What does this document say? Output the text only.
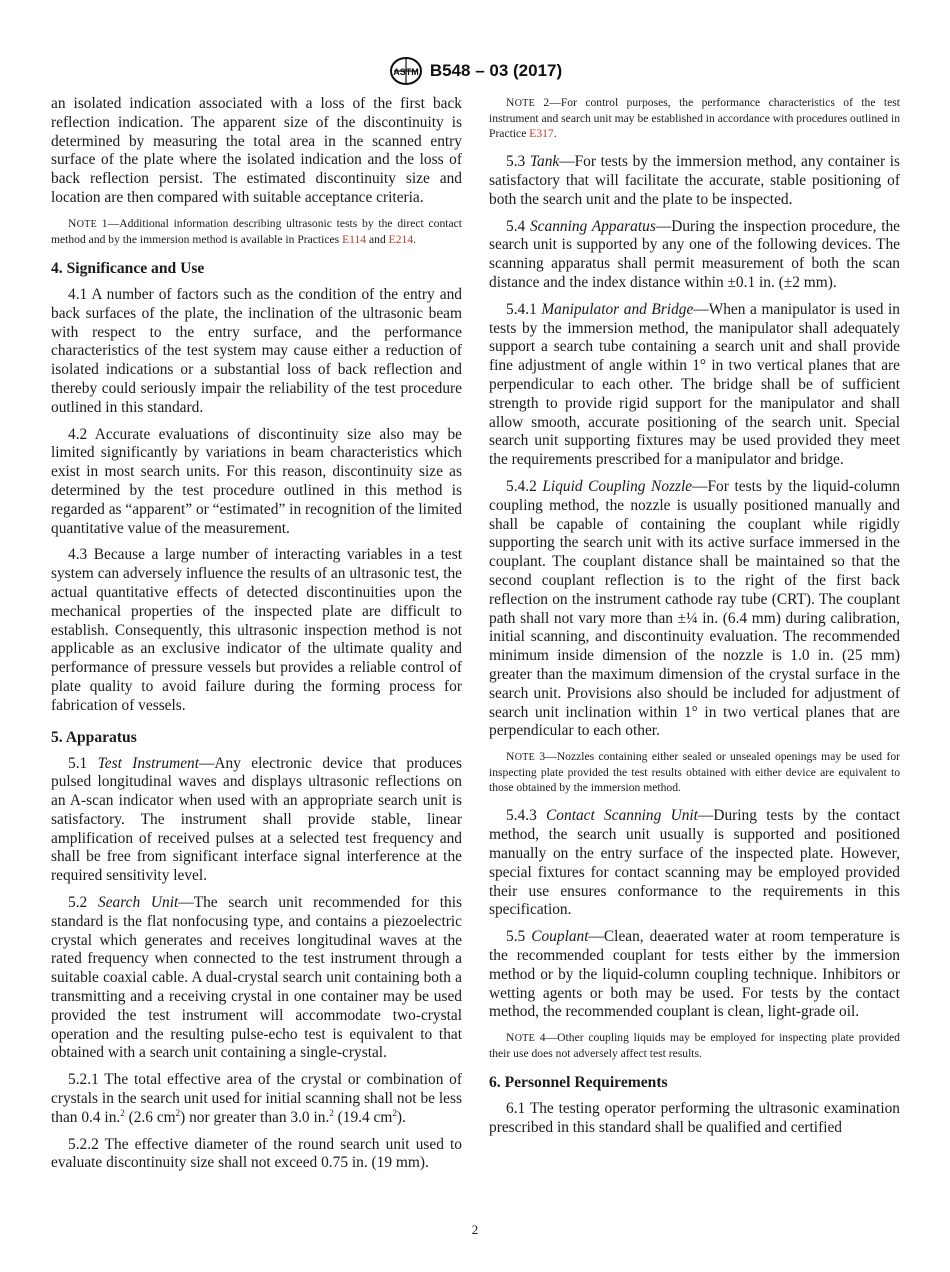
ASTM B548 – 03 (2017)

an isolated indication associated with a loss of the first back reflection indication. The apparent size of the discontinuity is determined by measuring the total area in the scanned entry surface of the plate where the isolated indication and the loss of back reflection persist. The estimated discontinuity size and location are then compared with suitable acceptance criteria.

NOTE 1—Additional information describing ultrasonic tests by the direct contact method and by the immersion method is available in Practices E114 and E214.

4. Significance and Use

4.1 A number of factors such as the condition of the entry and back surfaces of the plate, the inclination of the ultrasonic beam with respect to the entry surface, and the performance characteristics of the test system may cause either a reduction of isolated indications or a substantial loss of back reflection and thereby could seriously impair the reliability of the test procedure outlined in this standard.

4.2 Accurate evaluations of discontinuity size also may be limited significantly by variations in beam characteristics which exist in most search units. For this reason, discontinuity size as determined by the test procedure outlined in this method is regarded as “apparent” or “estimated” in recognition of the limited quantitative value of the measurement.

4.3 Because a large number of interacting variables in a test system can adversely influence the results of an ultrasonic test, the actual quantitative effects of detected discontinuities upon the mechanical properties of the inspected plate are difficult to establish. Consequently, this ultrasonic inspection method is not applicable as an exclusive indicator of the ultimate quality and performance of pressure vessels but provides a reliable control of plate quality to avoid failure during the forming process for fabrication of vessels.

5. Apparatus

5.1 Test Instrument—Any electronic device that produces pulsed longitudinal waves and displays ultrasonic reflections on an A-scan indicator when used with an appropriate search unit is satisfactory. The instrument shall provide stable, linear amplification of received pulses at a selected test frequency and shall be free from significant interface signal interference at the required sensitivity level.

5.2 Search Unit—The search unit recommended for this standard is the flat nonfocusing type, and contains a piezoelectric crystal which generates and receives longitudinal waves at the rated frequency when connected to the test instrument through a suitable coaxial cable. A dual-crystal search unit containing both a transmitting and a receiving crystal in one container may be used provided the test instrument will accommodate two-crystal operation and the resulting pulse-echo test is equivalent to that obtained with a search unit containing a single-crystal.

5.2.1 The total effective area of the crystal or combination of crystals in the search unit used for initial scanning shall not be less than 0.4 in.$^2$ (2.6 $cm^2$) nor greater than 3.0 in.$^2$ (19.4 $cm^2$).

5.2.2 The effective diameter of the round search unit used to evaluate discontinuity size shall not exceed 0.75 in. (19 mm).

NOTE 2—For control purposes, the performance characteristics of the test instrument and search unit may be established in accordance with procedures outlined in Practice E317.

5.3 Tank—For tests by the immersion method, any container is satisfactory that will facilitate the accurate, stable positioning of both the search unit and the plate to be inspected.

5.4 Scanning Apparatus—During the inspection procedure, the search unit is supported by any one of the following devices. The scanning apparatus shall permit measurement of both the scan distance and the index distance within ±0.1 in. (±2 mm).

5.4.1 Manipulator and Bridge—When a manipulator is used in tests by the immersion method, the manipulator shall adequately support a search tube containing a search unit and shall provide fine adjustment of angle within 1° in two vertical planes that are perpendicular to each other. The bridge shall be of sufficient strength to provide rigid support for the manipulator and shall allow smooth, accurate positioning of the search unit. Special search unit supporting fixtures may be used provided they meet the requirements prescribed for a manipulator and bridge.

5.4.2 Liquid Coupling Nozzle—For tests by the liquid-column coupling method, the nozzle is usually positioned manually and shall be capable of containing the couplant while rigidly supporting the search unit with its active surface immersed in the couplant. The couplant distance shall be maintained so that the second couplant reflection is to the right of the first back reflection on the instrument cathode ray tube (CRT). The couplant path shall not vary more than ±¼ in. (6.4 mm) during calibration, initial scanning, and discontinuity evaluation. The recommended minimum inside dimension of the nozzle is 1.0 in. (25 mm) greater than the maximum dimension of the crystal surface in the search unit. Provisions also should be included for adjustment of search unit inclination within 1° in two vertical planes that are perpendicular to each other.

NOTE 3—Nozzles containing either sealed or unsealed openings may be used for inspecting plate provided the test results obtained with either device are equivalent to those obtained by the immersion method.

5.4.3 Contact Scanning Unit—During tests by the contact method, the search unit usually is supported and positioned manually on the entry surface of the inspected plate. However, special fixtures for contact scanning may be employed provided their use ensures conformance to the requirements in this specification.

5.5 Couplant—Clean, deaerated water at room temperature is the recommended couplant for tests either by the immersion method or by the liquid-column coupling technique. Inhibitors or wetting agents or both may be used. For tests by the contact method, the recommended couplant is clean, light-grade oil.

NOTE 4—Other coupling liquids may be employed for inspecting plate provided their use does not adversely affect test results.

6. Personnel Requirements

6.1 The testing operator performing the ultrasonic examination prescribed in this standard shall be qualified and certified

2
